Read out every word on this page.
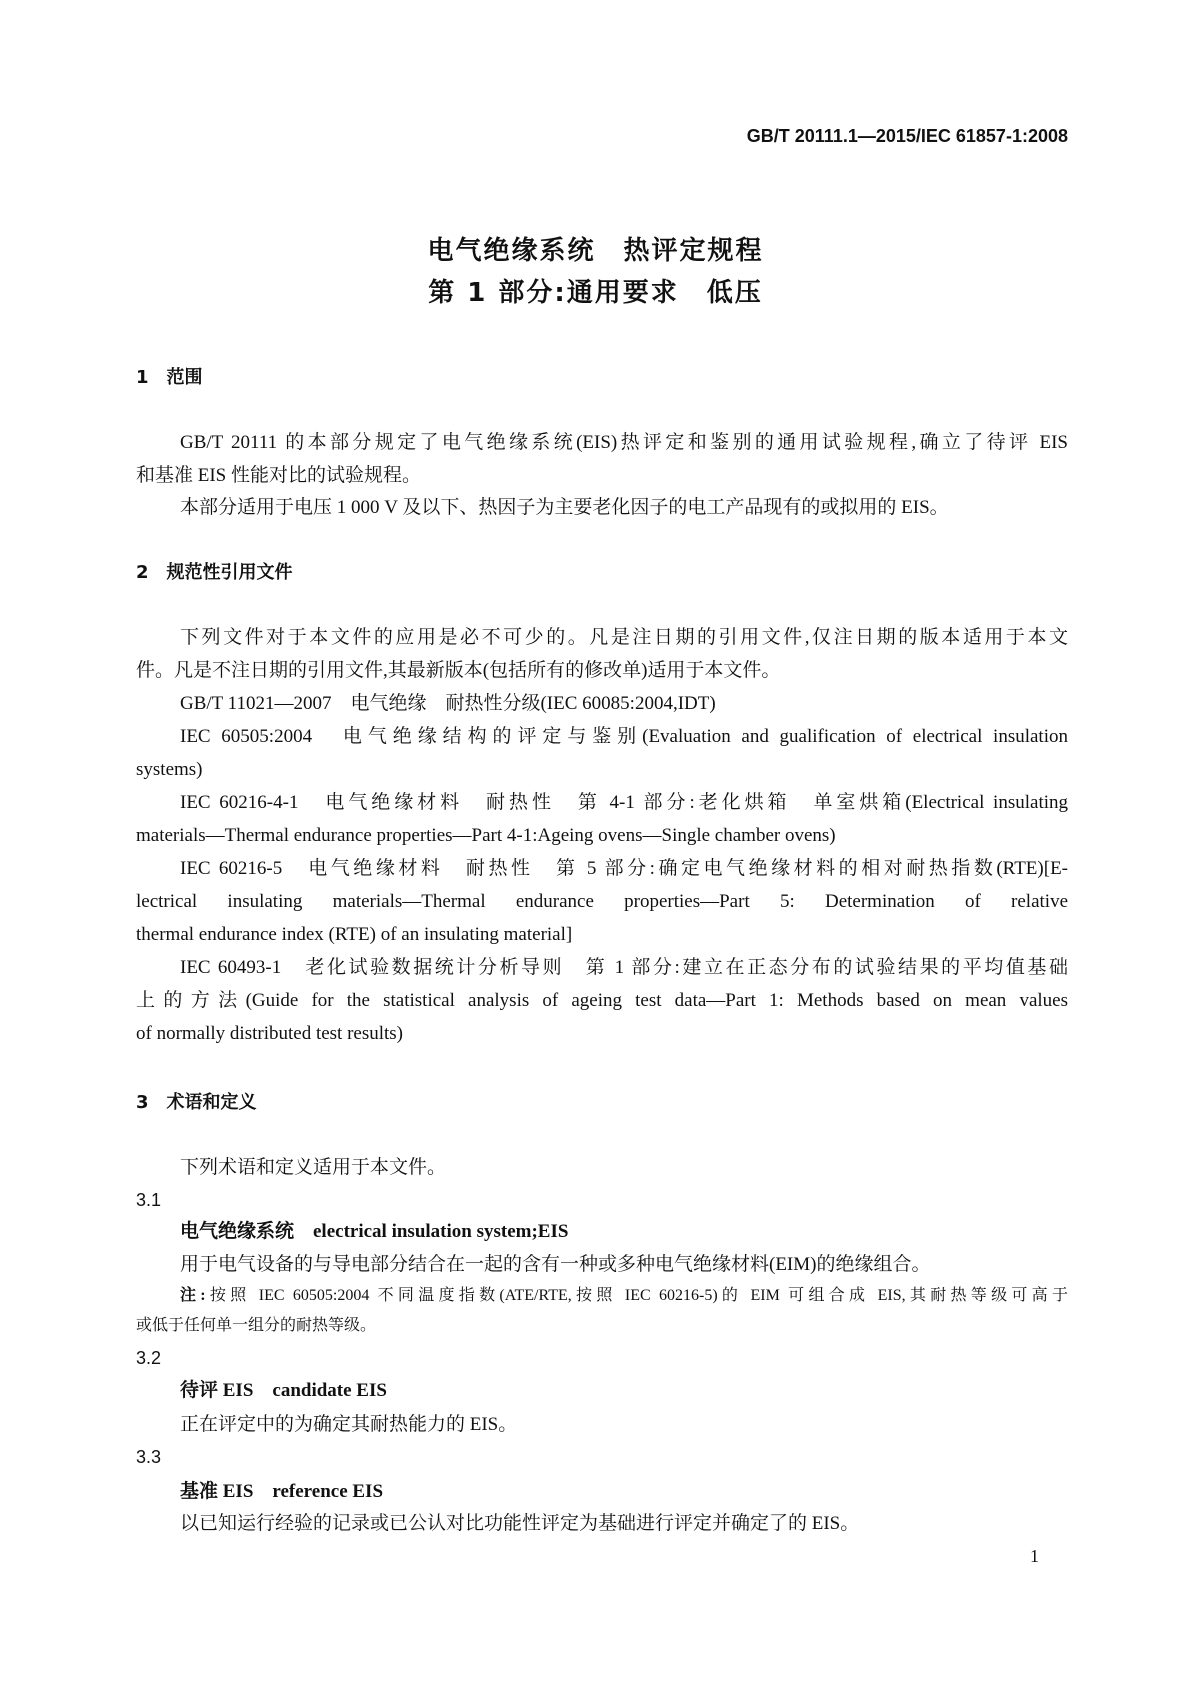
GB/T 20111.1—2015/IEC 61857-1:2008
电气绝缘系统　热评定规程
第 1 部分:通用要求　低压
1　范围
GB/T 20111 的本部分规定了电气绝缘系统(EIS)热评定和鉴别的通用试验规程,确立了待评 EIS
和基准 EIS 性能对比的试验规程。
本部分适用于电压 1 000 V 及以下、热因子为主要老化因子的电工产品现有的或拟用的 EIS。
2　规范性引用文件
下列文件对于本文件的应用是必不可少的。凡是注日期的引用文件,仅注日期的版本适用于本文
件。凡是不注日期的引用文件,其最新版本(包括所有的修改单)适用于本文件。
GB/T 11021—2007　电气绝缘　耐热性分级(IEC 60085:2004,IDT)
IEC 60505:2004　电气绝缘结构的评定与鉴别(Evaluation and gualification of electrical insulation
systems)
IEC 60216-4-1　电气绝缘材料　耐热性　第 4-1 部分:老化烘箱　单室烘箱(Electrical insulating
materials—Thermal endurance properties—Part 4-1:Ageing ovens—Single chamber ovens)
IEC 60216-5　电气绝缘材料　耐热性　第 5 部分:确定电气绝缘材料的相对耐热指数(RTE)[E-
lectrical insulating materials—Thermal endurance properties—Part 5: Determination of relative
thermal endurance index (RTE) of an insulating material]
IEC 60493-1　老化试验数据统计分析导则　第 1 部分:建立在正态分布的试验结果的平均值基础
上的方法(Guide for the statistical analysis of ageing test data—Part 1: Methods based on mean values
of normally distributed test results)
3　术语和定义
下列术语和定义适用于本文件。
3.1
电气绝缘系统　electrical insulation system;EIS
用于电气设备的与导电部分结合在一起的含有一种或多种电气绝缘材料(EIM)的绝缘组合。
注:按照 IEC 60505:2004 不同温度指数(ATE/RTE,按照 IEC 60216-5)的 EIM 可组合成 EIS,其耐热等级可高于
或低于任何单一组分的耐热等级。
3.2
待评 EIS　candidate EIS
正在评定中的为确定其耐热能力的 EIS。
3.3
基准 EIS　reference EIS
以已知运行经验的记录或已公认对比功能性评定为基础进行评定并确定了的 EIS。
1
